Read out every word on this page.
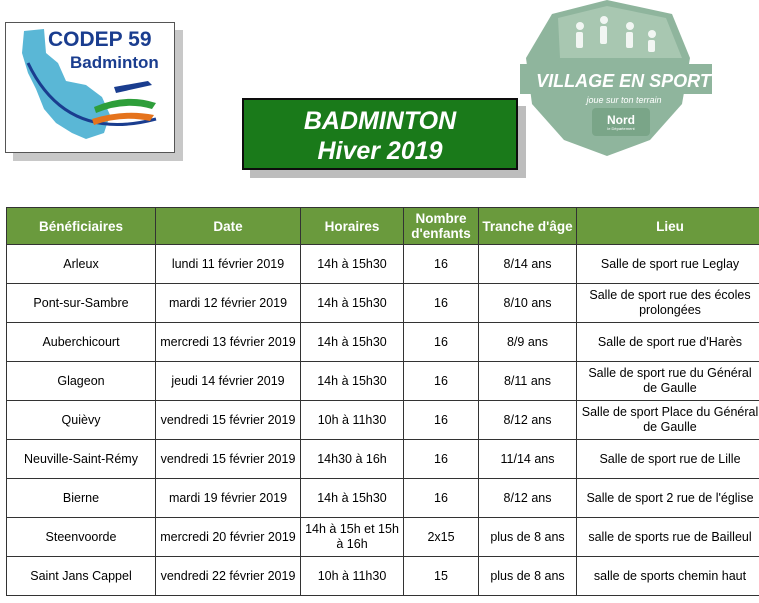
CODEP 59
Badminton
VILLAGE EN SPORT
joue sur ton terrain
Nord
le Département
BADMINTON
Hiver 2019
Bénéficiaires	Date	Horaires	Nombre d'enfants	Tranche d'âge	Lieu
Arleux	lundi 11 février 2019	14h à 15h30	16	8/14 ans	Salle de sport rue Leglay
Pont-sur-Sambre	mardi 12 février 2019	14h à 15h30	16	8/10 ans	Salle de sport rue des écoles prolongées
Auberchicourt	mercredi 13 février 2019	14h à 15h30	16	8/9 ans	Salle de sport rue d'Harès
Glageon	jeudi 14 février 2019	14h à 15h30	16	8/11 ans	Salle de sport rue du Général de Gaulle
Quièvy	vendredi 15 février 2019	10h à 11h30	16	8/12 ans	Salle de sport Place du Général de Gaulle
Neuville-Saint-Rémy	vendredi 15 février 2019	14h30 à 16h	16	11/14 ans	Salle de sport rue de Lille
Bierne	mardi 19 février 2019	14h à 15h30	16	8/12 ans	Salle de sport 2 rue de l'église
Steenvoorde	mercredi 20 février 2019	14h à 15h et 15h à 16h	2x15	plus de 8 ans	salle de sports rue de Bailleul
Saint Jans Cappel	vendredi 22 février 2019	10h à 11h30	15	plus de 8 ans	salle de sports chemin haut
